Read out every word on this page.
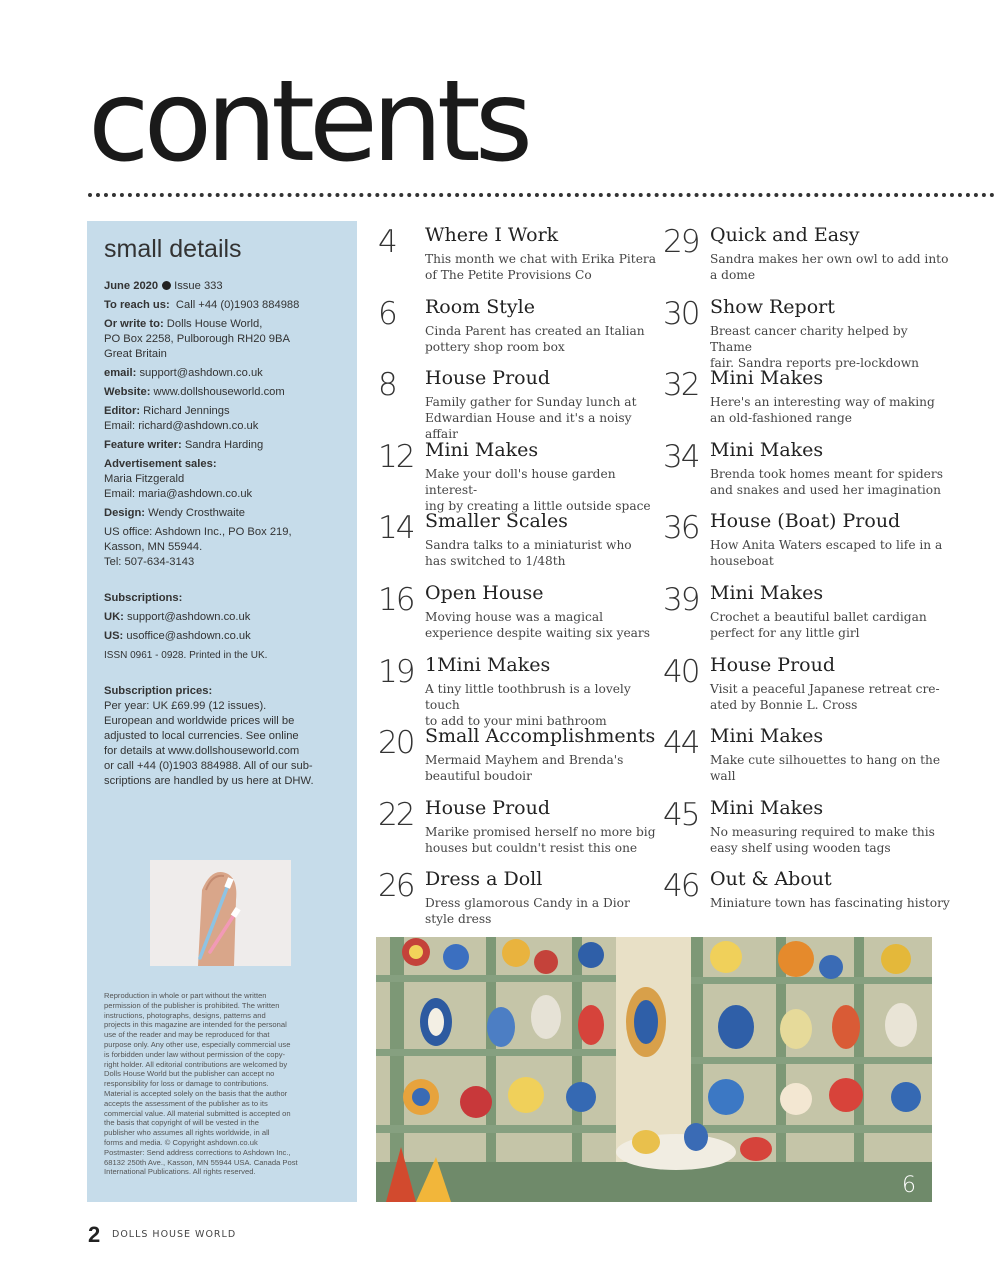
contents
small details

June 2020 Issue 333

To reach us: Call +44 (0)1903 884988

Or write to: Dolls House World,
PO Box 2258, Pulborough RH20 9BA
Great Britain

email: support@ashdown.co.uk

Website: www.dollshouseworld.com

Editor: Richard Jennings
Email: richard@ashdown.co.uk

Feature writer: Sandra Harding

Advertisement sales:
Maria Fitzgerald
Email: maria@ashdown.co.uk

Design: Wendy Crosthwaite

US office: Ashdown Inc., PO Box 219,
Kasson, MN 55944.
Tel: 507-634-3143

Subscriptions:

UK: support@ashdown.co.uk

US: usoffice@ashdown.co.uk

ISSN 0961 - 0928. Printed in the UK.

Subscription prices:
Per year: UK £69.99 (12 issues).
European and worldwide prices will be
adjusted to local currencies. See online
for details at www.dollshouseworld.com
or call +44 (0)1903 884988. All of our sub-
scriptions are handled by us here at DHW.

Reproduction in whole or part without the written

permission of the publisher is prohibited. The written

instructions, photographs, designs, patterns and

projects in this magazine are intended for the personal

use of the reader and may be reproduced for that

purpose only. Any other use, especially commercial use

is forbidden under law without permission of the copy-

right holder. All editorial contributions are welcomed by

Dolls House World but the publisher can accept no

responsibility for loss or damage to contributions.

Material is accepted solely on the basis that the author

accepts the assessment of the publisher as to its

commercial value. All material submitted is accepted on

the basis that copyright of will be vested in the

publisher who assumes all rights worldwide, in all

forms and media. © Copyright ashdown.co.uk

Postmaster: Send address corrections to Ashdown Inc.,

68132 250th Ave., Kasson, MN 55944 USA. Canada Post

International Publications. All rights reserved.

4 Where I Work
This month we chat with Erika Pitera
of The Petite Provisions Co
6 Room Style
Cinda Parent has created an Italian
pottery shop room box
8 House Proud
Family gather for Sunday lunch at
Edwardian House and it's a noisy affair
12 Mini Makes
Make your doll's house garden interest-
ing by creating a little outside space
14 Smaller Scales
Sandra talks to a miniaturist who
has switched to 1/48th
16 Open House
Moving house was a magical
experience despite waiting six years
19 1Mini Makes
A tiny little toothbrush is a lovely touch
to add to your mini bathroom
20 Small Accomplishments
Mermaid Mayhem and Brenda's
beautiful boudoir
22 House Proud
Marike promised herself no more big
houses but couldn't resist this one
26 Dress a Doll
Dress glamorous Candy in a Dior
style dress
29 Quick and Easy
Sandra makes her own owl to add into
a dome
30 Show Report
Breast cancer charity helped by Thame
fair. Sandra reports pre-lockdown
32 Mini Makes
Here's an interesting way of making
an old-fashioned range
34 Mini Makes
Brenda took homes meant for spiders
and snakes and used her imagination
36 House (Boat) Proud
How Anita Waters escaped to life in a
houseboat
39 Mini Makes
Crochet a beautiful ballet cardigan
perfect for any little girl
40 House Proud
Visit a peaceful Japanese retreat cre-
ated by Bonnie L. Cross
44 Mini Makes
Make cute silhouettes to hang on the
wall
45 Mini Makes
No measuring required to make this
easy shelf using wooden tags
46 Out & About
Miniature town has fascinating history

6
2 DOLLS HOUSE WORLD
